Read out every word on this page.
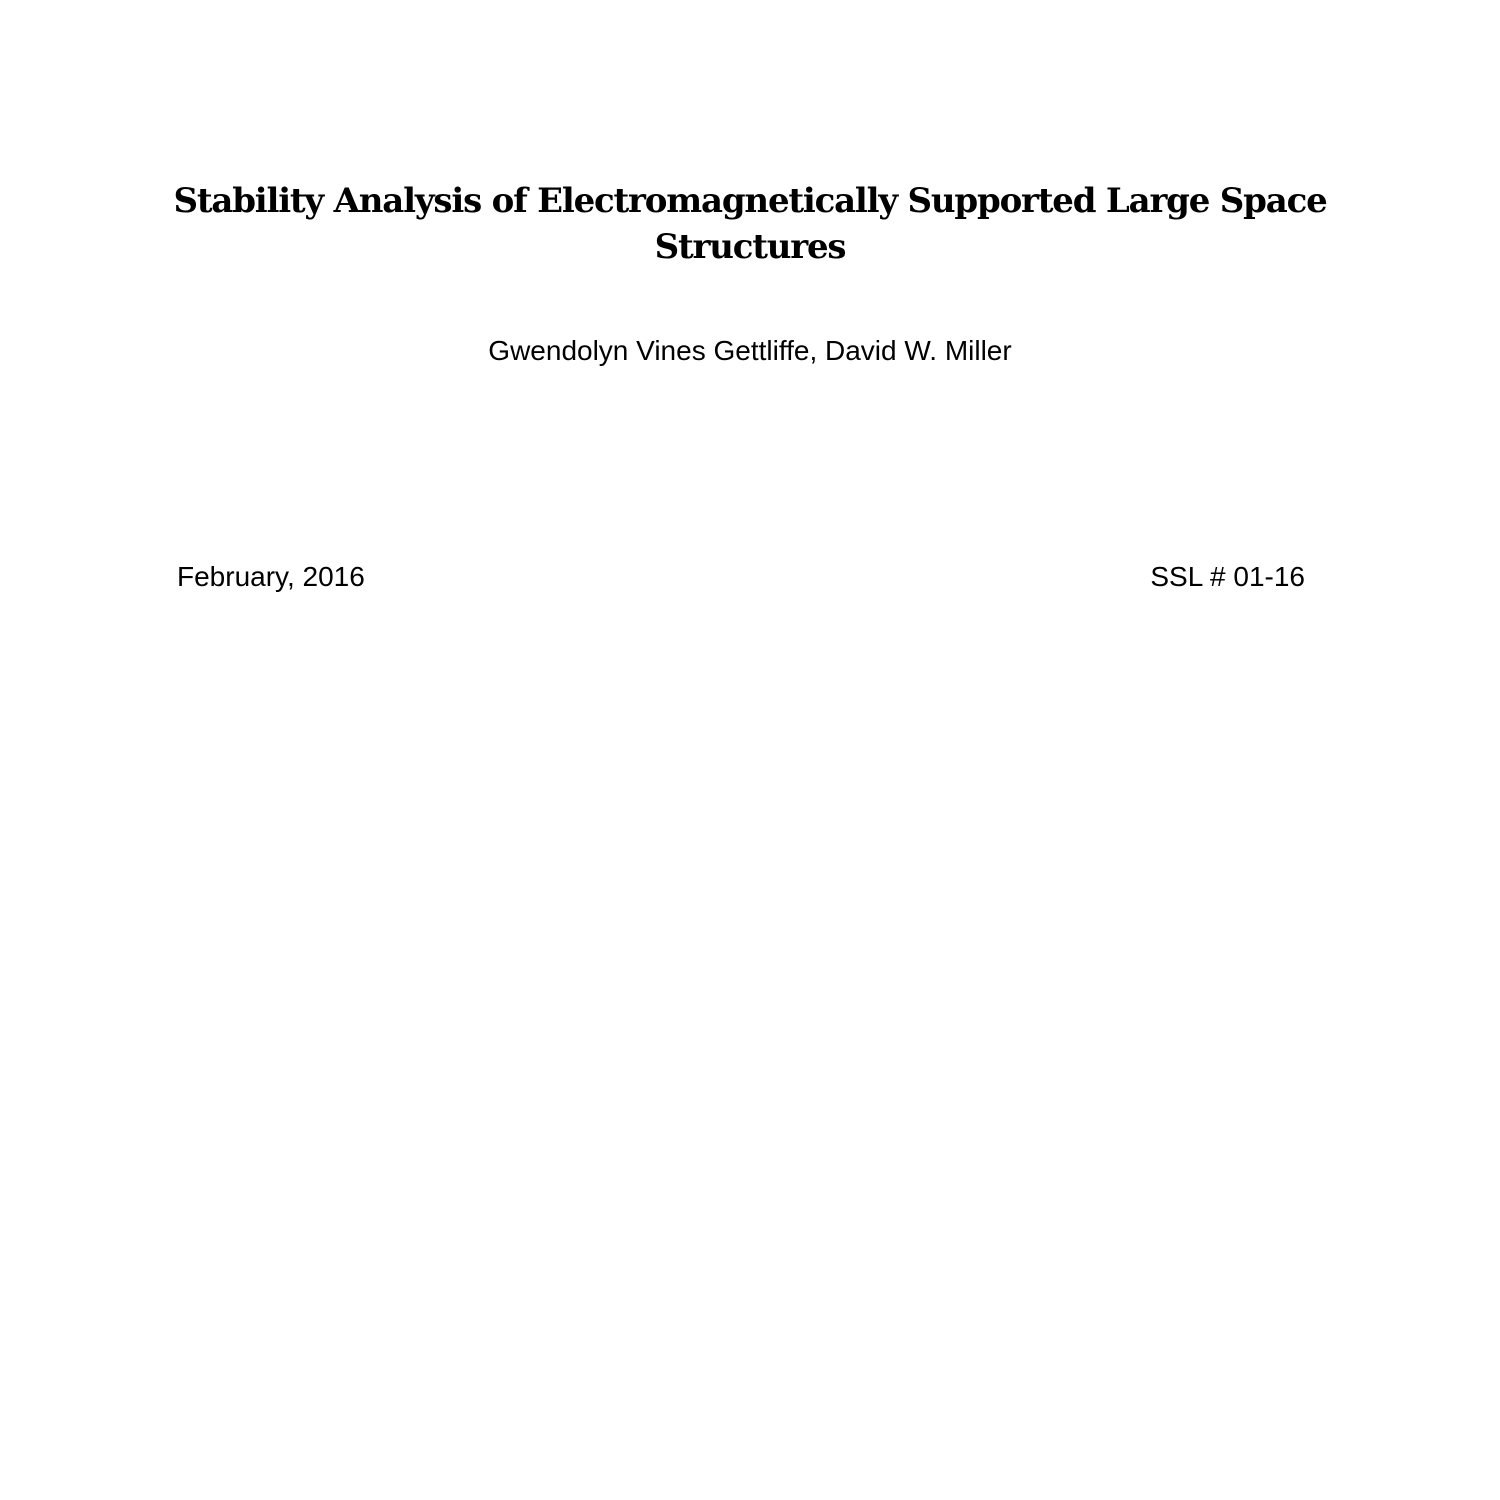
Stability Analysis of Electromagnetically Supported Large Space
Structures
Gwendolyn Vines Gettliffe, David W. Miller
February, 2016	SSL # 01-16
